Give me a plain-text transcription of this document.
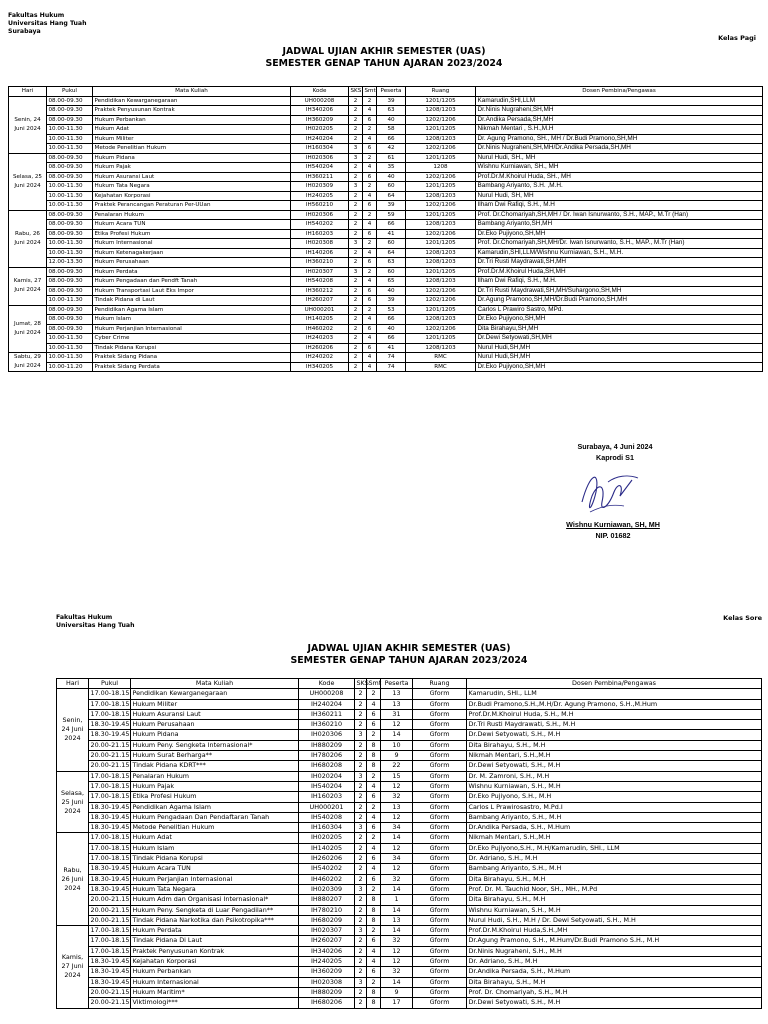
Fakultas Hukum
Universitas Hang Tuah
Surabaya
Kelas Pagi
JADWAL UJIAN AKHIR SEMESTER (UAS)
SEMESTER GENAP TAHUN AJARAN 2023/2024
Hari	Pukul	Mata Kuliah	Kode	SKS	Smt	Peserta	Ruang	Dosen Pembina/Pengawas
Senin, 24 Juni 2024	08.00-09.30	Pendidikan Kewarganegaraan	UH000208	2	2	39	1201/1205	Kamarudin,SHI,LLM
	08.00-09.30	Praktek Penyusunan Kontrak	IH340206	2	4	63	1208/1203	Dr.Ninis Nugraheni,SH,MH
	08.00-09.30	Hukum Perbankan	IH360209	2	6	40	1202/1206	Dr.Andika Persada,SH,MH
	10.00-11.30	Hukum Adat	IH020205	2	2	58	1201/1205	Nikmah Mentari , S.H.,M.H
	10.00-11.30	Hukum Militer	IH240204	2	4	66	1208/1203	Dr. Agung Pramono, SH., MH / Dr.Budi Pramono,SH,MH
	10.00-11.30	Metode Penelitian Hukum	IH160304	3	6	42	1202/1206	Dr.Ninis Nugraheni,SH,MH/Dr.Andika Persada,SH,MH
Selasa, 25 Juni 2024	08.00-09.30	Hukum Pidana	IH020306	3	2	61	1201/1205	Nurul Hudi, SH., MH
	08.00-09.30	Hukum Pajak	IH540204	2	4	35	1208	Wishnu Kurniawan, SH., MH
	08.00-09.30	Hukum Asuransi Laut	IH360211	2	6	40	1202/1206	Prof.Dr.M.Khoirul Huda, SH., MH
	10.00-11.30	Hukum Tata Negara	IH020309	3	2	60	1201/1205	Bambang Ariyanto, S.H. ,M.H.
	10.00-11.30	Kejahatan Korporasi	IH240205	2	4	64	1208/1203	Nurul Hudi, SH, MH
	10.00-11.30	Praktek Perancangan Peraturan Per-UUan	IH560210	2	6	39	1202/1206	Ilham Dwi Rafiqi, S.H., M.H
Rabu, 26 Juni 2024	08.00-09.30	Penalaran Hukum	IH020306	2	2	59	1201/1205	Prof. Dr.Chomariyah,SH,MH / Dr. Iwan Isnurwanto, S.H., MAP., M.Tr (Han)
	08.00-09.30	Hukum Acara TUN	IH540202	2	4	66	1208/1203	Bambang Ariyanto,SH,MH
	08.00-09.30	Etika Profesi Hukum	IH160203	2	6	41	1202/1206	Dr.Eko Pujiyono,SH,MH
	10.00-11.30	Hukum Internasional	IH020308	3	2	60	1201/1205	Prof. Dr.Chomariyah,SH,MH/Dr. Iwan Isnurwanto, S.H., MAP., M.Tr (Han)
	10.00-11.30	Hukum Ketenagakerjaan	IH140206	2	4	64	1208/1203	Kamarudin,SHI,LLM/Wishnu Kurniawan, S.H., M.H.
	12.00-13.30	Hukum Perusahaan	IH360210	2	6	63	1208/1203	Dr.Tri Rusti Maydrawati,SH,MH
Kamis, 27 Juni 2024	08.00-09.30	Hukum Perdata	IH020307	3	2	60	1201/1205	Prof.Dr.M.Khoirul Huda,SH,MH
	08.00-09.30	Hukum Pengadaan dan Pendft Tanah	IH540208	2	4	65	1208/1203	Ilham Dwi Rafiqi, S.H., M.H.
	08.00-09.30	Hukum Transportasi Laut Eks Impor	IH360212	2	6	40	1202/1206	Dr.Tri Rusti Maydrawati,SH,MH/Suhargono,SH,MH
	10.00-11.30	Tindak Pidana di Laut	IH260207	2	6	39	1202/1206	Dr.Agung Pramono,SH,MH/Dr.Budi Pramono,SH,MH
Jumat, 28 Juni 2024	08.00-09.30	Pendidikan Agama Islam	UH000201	2	2	53	1201/1205	Carlos L Prawiro Sastro, MPd.
	08.00-09.30	Hukum Islam	IH140205	2	4	66	1208/1203	Dr.Eko Pujiyono,SH,MH
	08.00-09.30	Hukum Perjanjian Internasional	IH460202	2	6	40	1202/1206	Dita Birahayu,SH,MH
	10.00-11.30	Cyber Crime	IH240203	2	4	66	1201/1205	Dr.Dewi Setyowati,SH,MH
	10.00-11.30	Tindak Pidana Korupsi	IH260206	2	6	41	1208/1203	Nurul Hudi,SH,MH
Sabtu, 29 Juni 2024	10.00-11.30	Praktek Sidang Pidana	IH240202	2	4	74	RMC	Nurul Hudi,SH,MH
	10.00-11.20	Praktek Sidang Perdata	IH340205	2	4	74	RMC	Dr.Eko Pujiyono,SH,MH
Surabaya, 4 Juni 2024
Kaprodi S1
Wishnu Kurniawan, SH, MH
NIP. 01682
Fakultas Hukum
Universitas Hang Tuah
Kelas Sore
JADWAL UJIAN AKHIR SEMESTER (UAS)
SEMESTER GENAP TAHUN AJARAN 2023/2024
Hari	Pukul	Mata Kuliah	Kode	SKS	Smt	Peserta	Ruang	Dosen Pembina/Pengawas
Senin, 24 Juni 2024	17.00-18.15	Pendidikan Kewarganegaraan	UH000208	2	2	13	Gform	Kamarudin, SHI., LLM
	17.00-18.15	Hukum Militer	IH240204	2	4	13	Gform	Dr.Budi Pramono,S.H.,M.H/Dr. Agung Pramono, S.H.,M.Hum
	17.00-18.15	Hukum Asuransi Laut	IH360211	2	6	31	Gform	Prof.Dr.M.Khoirul Huda, S.H., M.H
	18.30-19.45	Hukum Perusahaan	IH360210	2	6	12	Gform	Dr.Tri Rusti Maydrawati, S.H., M.H
	18.30-19.45	Hukum Pidana	IH020306	3	2	14	Gform	Dr.Dewi Setyowati, S.H., M.H
	20.00-21.15	Hukum Peny. Sengketa Internasional*	IH880209	2	8	10	Gform	Dita Birahayu, S.H., M.H
	20.00-21.15	Hukum Surat Berharga**	IH780206	2	8	9	Gform	Nikmah Mentari, S.H.,M.H
	20.00-21.15	Tindak Pidana KDRT***	IH680208	2	8	22	Gform	Dr.Dewi Setyowati, S.H., M.H
Selasa, 25 Juni 2024	17.00-18.15	Penalaran Hukum	IH020204	3	2	15	Gform	Dr. M. Zamroni, S.H., M.H
	17.00-18.15	Hukum Pajak	IH540204	2	4	12	Gform	Wishnu Kurniawan, S.H., M.H
	17.00-18.15	Etika Profesi Hukum	IH160203	2	6	32	Gform	Dr.Eko Pujiyono, S.H., M.H
	18.30-19.45	Pendidikan Agama Islam	UH000201	2	2	13	Gform	Carlos L Prawirosastro, M.Pd.I
	18.30-19.45	Hukum Pengadaan Dan Pendaftaran Tanah	IH540208	2	4	12	Gform	Bambang Ariyanto, S.H., M.H
	18.30-19.45	Metode Penelitian Hukum	IH160304	3	6	34	Gform	Dr.Andika Persada, S.H., M.Hum
Rabu, 26 Juni 2024	17.00-18.15	Hukum Adat	IH020205	2	2	14	Gform	Nikmah Mentari, S.H.,M.H
	17.00-18.15	Hukum Islam	IH140205	2	4	12	Gform	Dr.Eko Pujiyono,S.H., M.H/Kamarudin, SHI., LLM
	17.00-18.15	Tindak Pidana Korupsi	IH260206	2	6	34	Gform	Dr. Adriano, S.H., M.H
	18.30-19.45	Hukum Acara TUN	IH540202	2	4	12	Gform	Bambang Ariyanto, S.H., M.H
	18.30-19.45	Hukum Perjanjian Internasional	IH460202	2	6	32	Gform	Dita Birahayu, S.H., M.H
	18.30-19.45	Hukum Tata Negara	IH020309	3	2	14	Gform	Prof. Dr. M. Tauchid Noor, SH., MH., M.Pd
	20.00-21.15	Hukum Adm dan Organisasi Internasional*	IH880207	2	8	1	Gform	Dita Birahayu, S.H., M.H
	20.00-21.15	Hukum Peny. Sengketa di Luar Pengadilan**	IH780210	2	8	14	Gform	Wishnu Kurniawan, S.H., M.H
	20.00-21.15	Tindak Pidana Narkotika dan Psikotropika***	IH680209	2	8	13	Gform	Nurul Hudi, S.H., M.H / Dr. Dewi Setyowati, S.H., M.H
Kamis, 27 Juni 2024	17.00-18.15	Hukum Perdata	IH020307	3	2	14	Gform	Prof.Dr.M.Khoirul Huda,S.H.,MH
	17.00-18.15	Tindak Pidana Di Laut	IH260207	2	6	32	Gform	Dr.Agung Pramono, S.H., M.Hum/Dr.Budi Pramono S.H., M.H
	17.00-18.15	Praktek Penyusunan Kontrak	IH340206	2	4	12	Gform	Dr.Ninis Nugraheni, S.H., M.H
	18.30-19.45	Kejahatan Korporasi	IH240205	2	4	12	Gform	Dr. Adriano, S.H., M.H
	18.30-19.45	Hukum Perbankan	IH360209	2	6	32	Gform	Dr.Andika Persada, S.H., M.Hum
	18.30-19.45	Hukum Internasional	IH020308	3	2	14	Gform	Dita Birahayu, S.H., M.H
	20.00-21.15	Hukum Maritim*	IH880209	2	8	9	Gform	Prof. Dr. Chomariyah, S.H., M.H
	20.00-21.15	Viktimologi***	IH680206	2	8	17	Gform	Dr.Dewi Setyowati, S.H., M.H
